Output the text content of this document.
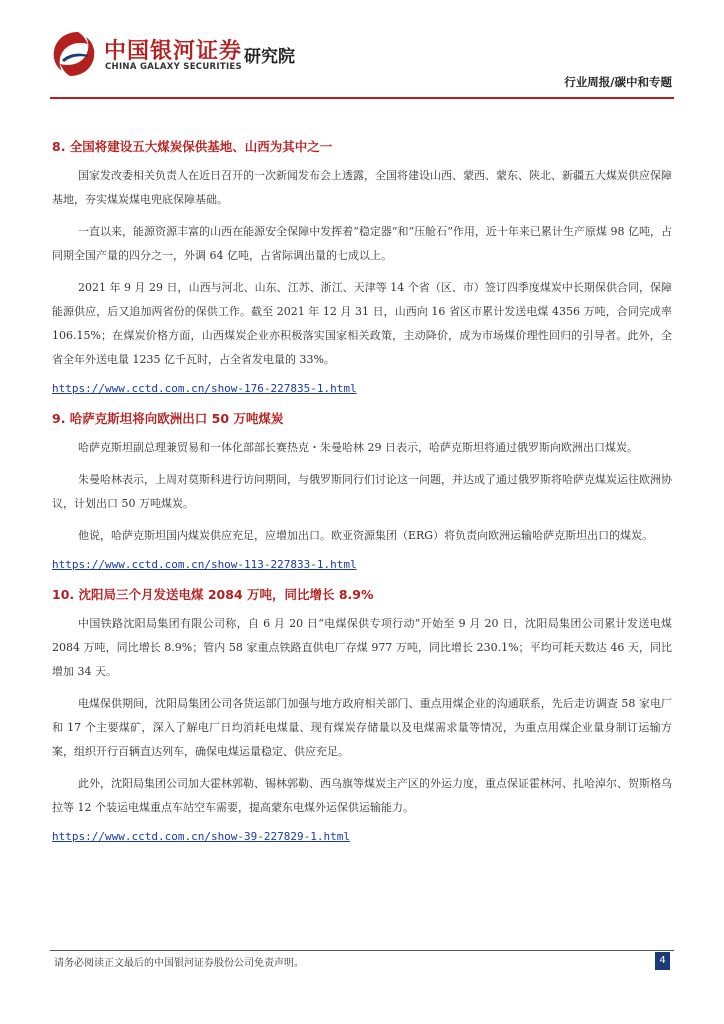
中国银河证券
CHINA GALAXY SECURITIES 研究院
行业周报/碳中和专题
8. 全国将建设五大煤炭保供基地、山西为其中之一

国家发改委相关负责人在近日召开的一次新闻发布会上透露，全国将建设山西、蒙西、蒙东、陕北、新疆五大煤炭供应保障基地，夯实煤炭煤电兜底保障基础。

一直以来，能源资源丰富的山西在能源安全保障中发挥着“稳定器”和“压舱石”作用，近十年来已累计生产原煤 98 亿吨，占同期全国产量的四分之一，外调 64 亿吨，占省际调出量的七成以上。

2021 年 9 月 29 日，山西与河北、山东、江苏、浙江、天津等 14 个省（区、市）签订四季度煤炭中长期保供合同，保障能源供应，后又追加两省份的保供工作。截至 2021 年 12 月 31 日，山西向 16 省区市累计发送电煤 4356 万吨，合同完成率 106.15%；在煤炭价格方面，山西煤炭企业亦积极落实国家相关政策，主动降价，成为市场煤价理性回归的引导者。此外，全省全年外送电量 1235 亿千瓦时，占全省发电量的 33%。

https://www.cctd.com.cn/show-176-227835-1.html
9. 哈萨克斯坦将向欧洲出口 50 万吨煤炭

哈萨克斯坦副总理兼贸易和一体化部部长赛热克・朱曼哈林 29 日表示，哈萨克斯坦将通过俄罗斯向欧洲出口煤炭。

朱曼哈林表示，上周对莫斯科进行访问期间，与俄罗斯同行们讨论这一问题，并达成了通过俄罗斯将哈萨克煤炭运往欧洲协议，计划出口 50 万吨煤炭。

他说，哈萨克斯坦国内煤炭供应充足，应增加出口。欧亚资源集团（ERG）将负责向欧洲运输哈萨克斯坦出口的煤炭。

https://www.cctd.com.cn/show-113-227833-1.html
10. 沈阳局三个月发送电煤 2084 万吨，同比增长 8.9%

中国铁路沈阳局集团有限公司称，自 6 月 20 日“电煤保供专项行动”开始至 9 月 20 日，沈阳局集团公司累计发送电煤 2084 万吨，同比增长 8.9%；管内 58 家重点铁路直供电厂存煤 977 万吨，同比增长 230.1%；平均可耗天数达 46 天，同比增加 34 天。

电煤保供期间，沈阳局集团公司各货运部门加强与地方政府相关部门、重点用煤企业的沟通联系，先后走访调查 58 家电厂和 17 个主要煤矿，深入了解电厂日均消耗电煤量、现有煤炭存储量以及电煤需求量等情况，为重点用煤企业量身制订运输方案，组织开行百辆直达列车，确保电煤运量稳定、供应充足。

此外，沈阳局集团公司加大霍林郭勒、锡林郭勒、西乌旗等煤炭主产区的外运力度，重点保证霍林河、扎哈淖尔、贺斯格乌拉等 12 个装运电煤重点车站空车需要，提高蒙东电煤外运保供运输能力。

https://www.cctd.com.cn/show-39-227829-1.html
请务必阅读正文最后的中国银河证券股份公司免责声明。	4
